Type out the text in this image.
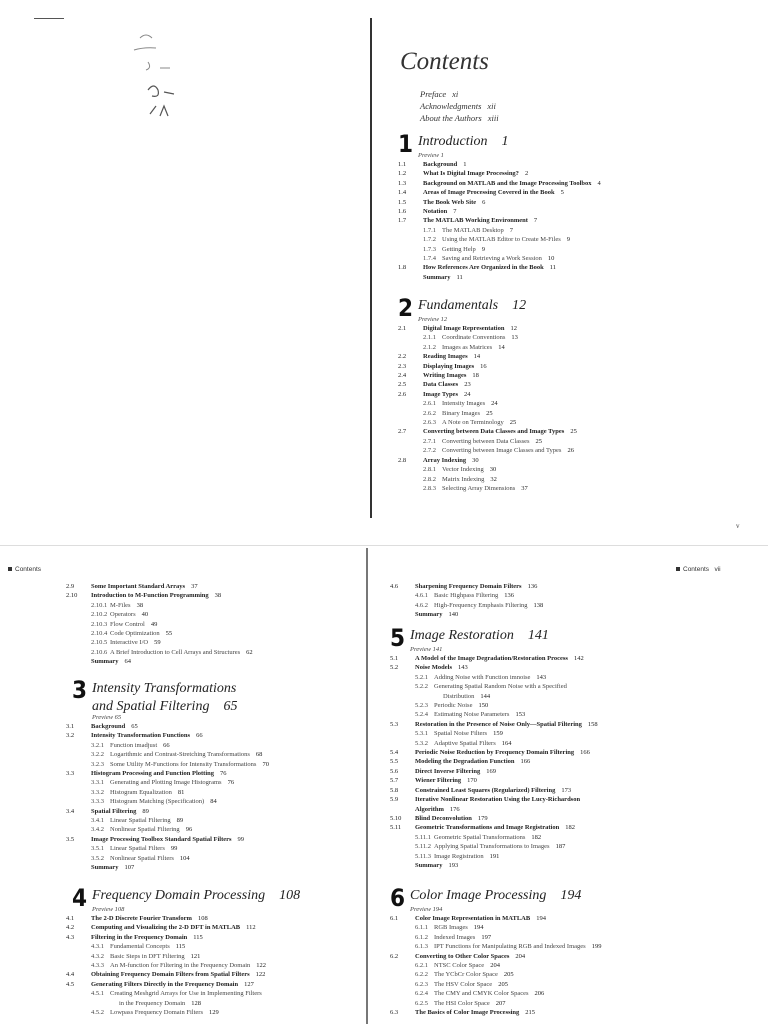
Contents
Preface xi
Acknowledgments xii
About the Authors xiii
1 Introduction 1
Preview 1
1.1	Background 1
1.2	What Is Digital Image Processing? 2
1.3	Background on MATLAB and the Image Processing Toolbox 4
1.4	Areas of Image Processing Covered in the Book 5
1.5	The Book Web Site 6
1.6	Notation 7
1.7	The MATLAB Working Environment 7
1.7.1 The MATLAB Desktop 7
1.7.2 Using the MATLAB Editor to Create M-Files 9
1.7.3 Getting Help 9
1.7.4 Saving and Retrieving a Work Session 10
1.8	How References Are Organized in the Book 11
Summary 11
2 Fundamentals 12
Preview 12
2.1	Digital Image Representation 12
2.1.1 Coordinate Conventions 13
2.1.2 Images as Matrices 14
2.2	Reading Images 14
2.3	Displaying Images 16
2.4	Writing Images 18
2.5	Data Classes 23
2.6	Image Types 24
2.6.1 Intensity Images 24
2.6.2 Binary Images 25
2.6.3 A Note on Terminology 25
2.7	Converting between Data Classes and Image Types 25
2.7.1 Converting between Data Classes 25
2.7.2 Converting between Image Classes and Types 26
2.8	Array Indexing 30
2.8.1 Vector Indexing 30
2.8.2 Matrix Indexing 32
2.8.3 Selecting Array Dimensions 37
v
Contents	Contents vii
2.9	Some Important Standard Arrays 37
2.10	Introduction to M-Function Programming 38
2.10.1 M-Files 38
2.10.2 Operators 40
2.10.3 Flow Control 49
2.10.4 Code Optimization 55
2.10.5 Interactive I/O 59
2.10.6 A Brief Introduction to Cell Arrays and Structures 62
Summary 64
3 Intensity Transformations
and Spatial Filtering 65
Preview 65
3.1	Background 65
3.2	Intensity Transformation Functions 66
3.2.1 Function imadjust 66
3.2.2 Logarithmic and Contrast-Stretching Transformations 68
3.2.3 Some Utility M-Functions for Intensity Transformations 70
3.3	Histogram Processing and Function Plotting 76
3.3.1 Generating and Plotting Image Histograms 76
3.3.2 Histogram Equalization 81
3.3.3 Histogram Matching (Specification) 84
3.4	Spatial Filtering 89
3.4.1 Linear Spatial Filtering 89
3.4.2 Nonlinear Spatial Filtering 96
3.5	Image Processing Toolbox Standard Spatial Filters 99
3.5.1 Linear Spatial Filters 99
3.5.2 Nonlinear Spatial Filters 104
Summary 107
4 Frequency Domain Processing 108
Preview 108
4.1	The 2-D Discrete Fourier Transform 108
4.2	Computing and Visualizing the 2-D DFT in MATLAB 112
4.3	Filtering in the Frequency Domain 115
4.3.1 Fundamental Concepts 115
4.3.2 Basic Steps in DFT Filtering 121
4.3.3 An M-function for Filtering in the Frequency Domain 122
4.4	Obtaining Frequency Domain Filters from Spatial Filters 122
4.5	Generating Filters Directly in the Frequency Domain 127
4.5.1 Creating Meshgrid Arrays for Use in Implementing Filters
in the Frequency Domain 128
4.5.2 Lowpass Frequency Domain Filters 129
4.6	Sharpening Frequency Domain Filters 136
4.6.1 Basic Highpass Filtering 136
4.6.2 High-Frequency Emphasis Filtering 138
Summary 140
5 Image Restoration 141
Preview 141
5.1	A Model of the Image Degradation/Restoration Process 142
5.2	Noise Models 143
5.2.1 Adding Noise with Function imnoise 143
5.2.2 Generating Spatial Random Noise with a Specified
Distribution 144
5.2.3 Periodic Noise 150
5.2.4 Estimating Noise Parameters 153
5.3	Restoration in the Presence of Noise Only—Spatial Filtering 158
5.3.1 Spatial Noise Filters 159
5.3.2 Adaptive Spatial Filters 164
5.4	Periodic Noise Reduction by Frequency Domain Filtering 166
5.5	Modeling the Degradation Function 166
5.6	Direct Inverse Filtering 169
5.7	Wiener Filtering 170
5.8	Constrained Least Squares (Regularized) Filtering 173
5.9	Iterative Nonlinear Restoration Using the Lucy-Richardson
Algorithm 176
5.10	Blind Deconvolution 179
5.11	Geometric Transformations and Image Registration 182
5.11.1 Geometric Spatial Transformations 182
5.11.2 Applying Spatial Transformations to Images 187
5.11.3 Image Registration 191
Summary 193
6 Color Image Processing 194
Preview 194
6.1	Color Image Representation in MATLAB 194
6.1.1 RGB Images 194
6.1.2 Indexed Images 197
6.1.3 IPT Functions for Manipulating RGB and Indexed Images 199
6.2	Converting to Other Color Spaces 204
6.2.1 NTSC Color Space 204
6.2.2 The YCbCr Color Space 205
6.2.3 The HSV Color Space 205
6.2.4 The CMY and CMYK Color Spaces 206
6.2.5 The HSI Color Space 207
6.3	The Basics of Color Image Processing 215
